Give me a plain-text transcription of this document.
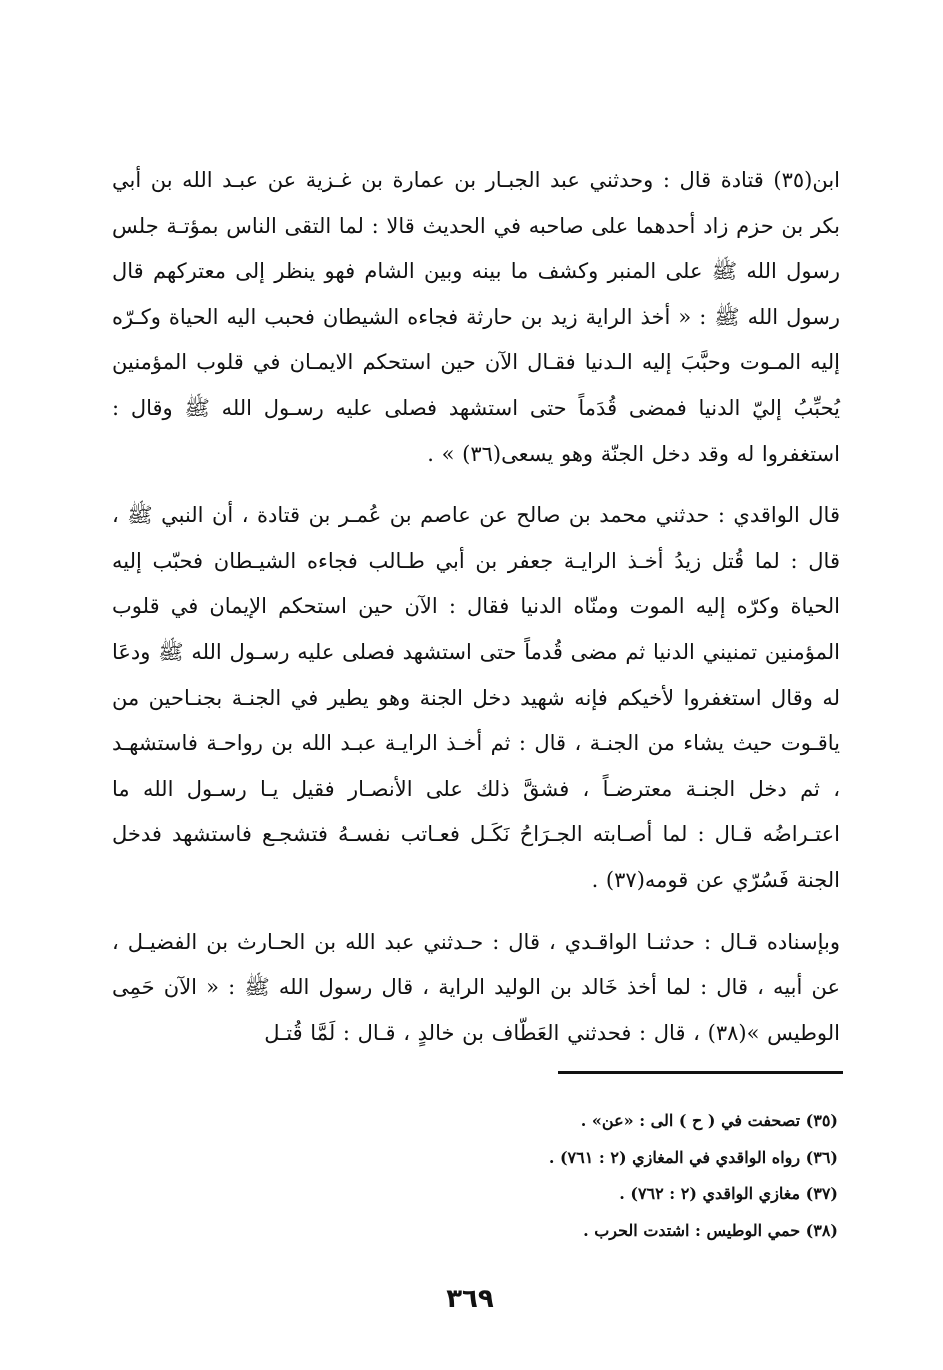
ابن(٣٥) قتادة قال : وحدثني عبد الجبـار بن عمارة بن غـزية عن عبـد الله بن أبي بكر بن حزم زاد أحدهما على صاحبه في الحديث قالا : لما التقى الناس بمؤتـة جلس رسول الله ﷺ على المنبر وكشف ما بينه وبين الشام فهو ينظر إلى معتركهم قال رسول الله ﷺ : « أخذ الراية زيد بن حارثة فجاءه الشيطان فحبب اليه الحياة وكـرّه إليه المـوت وحبَّبَ إليه الـدنيا فقـال الآن حين استحكم الايمـان في قلوب المؤمنين يُحبِّبُ إليّ الدنيا فمضى قُدَماً حتى استشهد فصلى عليه رسـول الله ﷺ وقال : استغفروا له وقد دخل الجنّة وهو يسعى(٣٦) » .

قال الواقدي : حدثني محمد بن صالح عن عاصم بن عُمـر بن قتادة ، أن النبي ﷺ ، قال : لما قُتل زيدُ أخـذ الرايـة جعفر بن أبي طـالب فجاءه الشيـطان فحبّب إليه الحياة وكرّه إليه الموت ومنّاه الدنيا فقال : الآن حين استحكم الإيمان في قلوب المؤمنين تمنيني الدنيا ثم مضى قُدماً حتى استشهد فصلى عليه رسـول الله ﷺ ودعَا له وقال استغفروا لأخيكم فإنه شهيد دخل الجنة وهو يطير في الجنـة بجنـاحين من ياقـوت حيث يشاء من الجنـة ، قال : ثم أخـذ الرايـة عبـد الله بن رواحـة فاستشهـد ، ثم دخل الجنـة معترضـاً ، فشقَّ ذلك على الأنصـار فقيل يـا رسـول الله ما اعتـراضُه قـال : لما أصـابته الجـرَاحُ نَكَـل فعـاتب نفسـهُ فتشجـع فاستشهد فدخل الجنة فَسُرّي عن قومه(٣٧) .

وبإسناده قـال : حدثنـا الواقـدي ، قال : حـدثني عبد الله بن الحـارث بن الفضيـل ، عن أبيه ، قال : لما أخذ خَالد بن الوليد الراية ، قال رسول الله ﷺ : « الآن حَمِى الوطيس »(٣٨) ، قال : فحدثني العَطّاف بن خالدٍ ، قـال : لَمَّا قُتـل

(٣٥) تصحفت في ( ح ) الى : «عن» .
(٣٦) رواه الواقدي في المغازي (٢ : ٧٦١) .
(٣٧) مغازي الواقدي (٢ : ٧٦٢) .
(٣٨) حمي الوطيس : اشتدت الحرب .
٣٦٩
